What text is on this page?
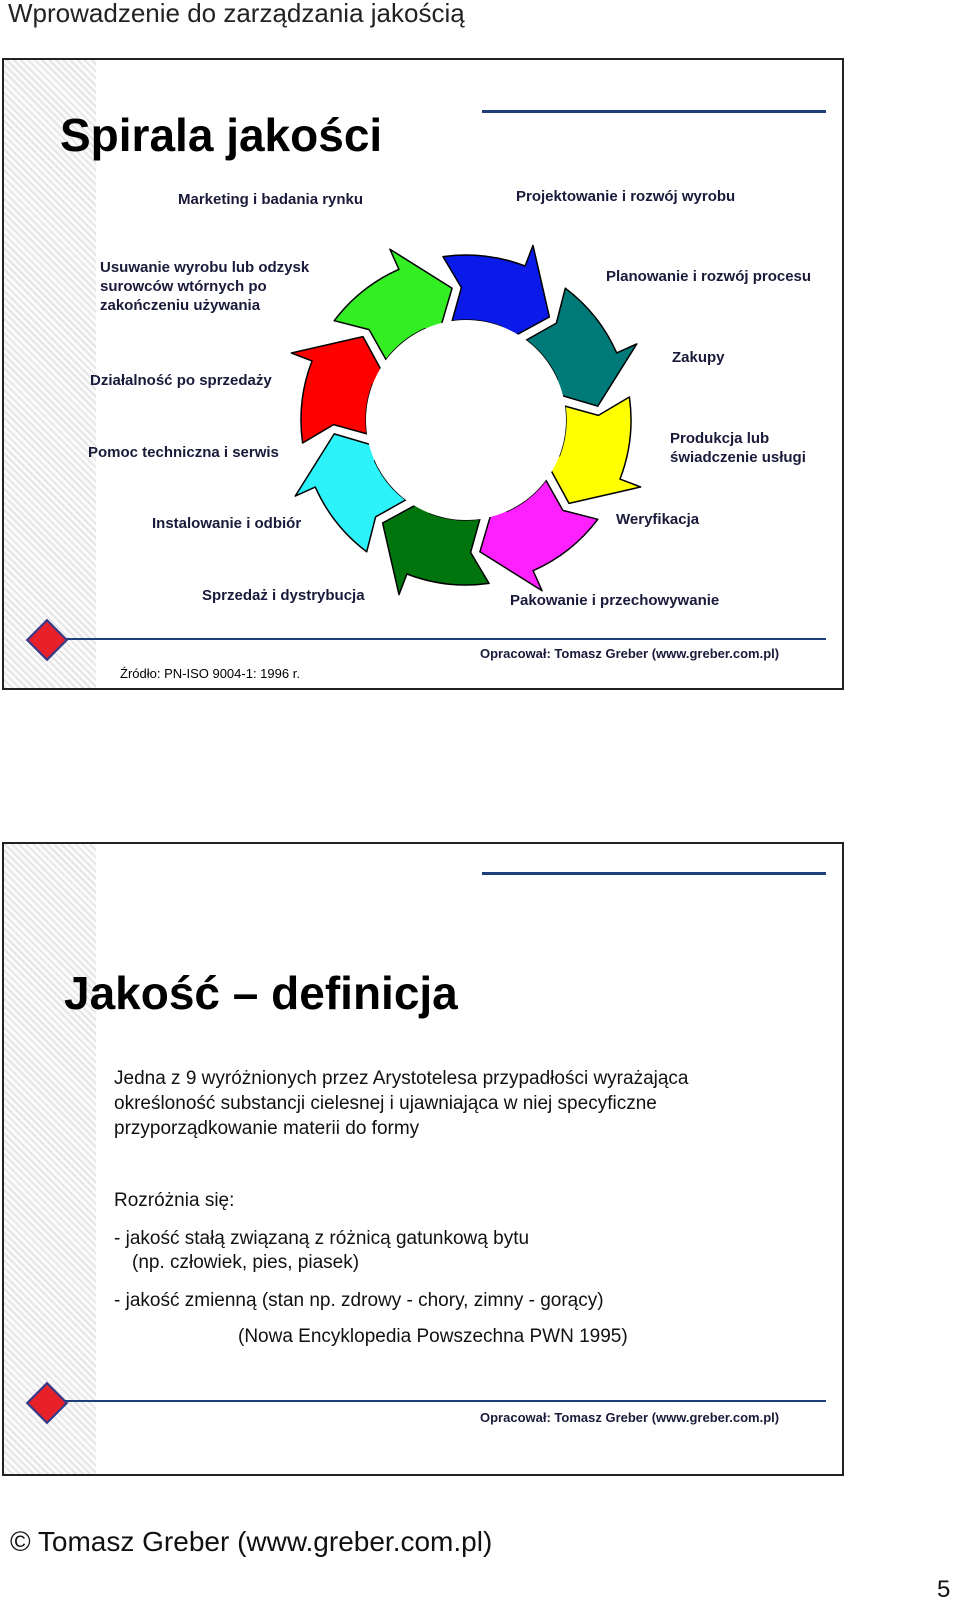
Wprowadzenie do zarządzania jakością
Spirala jakości
Marketing i badania rynku	Projektowanie i rozwój wyrobu
Usuwanie wyrobu lub odzysk
surowców wtórnych po
zakończeniu używania
Planowanie i rozwój procesu
Zakupy
Działalność po sprzedaży
Pomoc techniczna i serwis
Produkcja lub
świadczenie usługi
Instalowanie i odbiór	Weryfikacja
Sprzedaż i dystrybucja	Pakowanie i przechowywanie
Źródło: PN-ISO 9004-1: 1996 r.
Opracował: Tomasz Greber (www.greber.com.pl)
Jakość – definicja
Jedna z 9 wyróżnionych przez Arystotelesa przypadłości wyrażająca
określoność substancji cielesnej i ujawniająca w niej specyficzne
przyporządkowanie materii do formy
Rozróżnia się:
- jakość stałą związaną z różnicą gatunkową bytu
(np. człowiek, pies, piasek)
- jakość zmienną (stan np. zdrowy - chory, zimny - gorący)
(Nowa Encyklopedia Powszechna PWN 1995)
Opracował: Tomasz Greber (www.greber.com.pl)
© Tomasz Greber (www.greber.com.pl)
5
